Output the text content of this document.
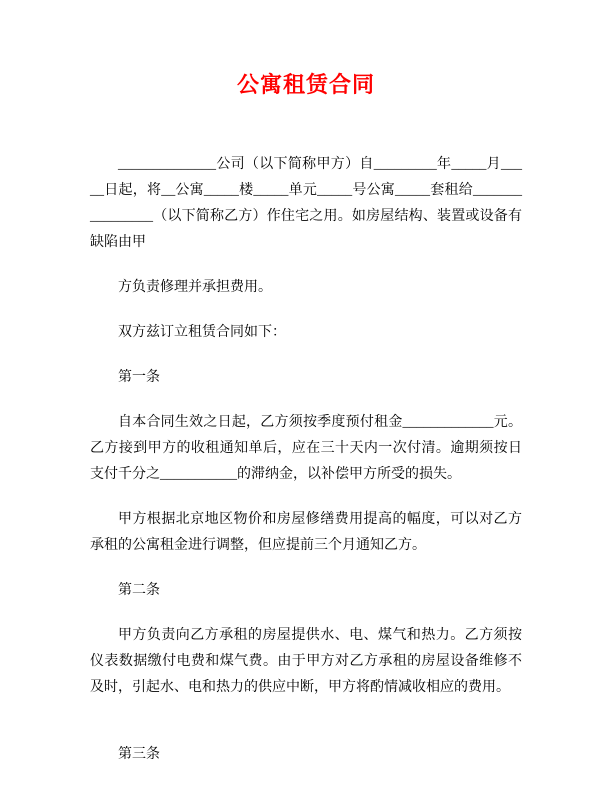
公寓租赁合同

______________公司（以下简称甲方）自_________年_____月_____日起，将__公寓_____楼_____单元_____号公寓_____套租给________________（以下简称乙方）作住宅之用。如房屋结构、装置或设备有缺陷由甲

方负责修理并承担费用。

双方兹订立租赁合同如下：

第一条

自本合同生效之日起，乙方须按季度预付租金_____________元。乙方接到甲方的收租通知单后，应在三十天内一次付清。逾期须按日支付千分之___________的滞纳金，以补偿甲方所受的损失。

甲方根据北京地区物价和房屋修缮费用提高的幅度，可以对乙方承租的公寓租金进行调整，但应提前三个月通知乙方。

第二条

甲方负责向乙方承租的房屋提供水、电、煤气和热力。乙方须按仪表数据缴付电费和煤气费。由于甲方对乙方承租的房屋设备维修不及时，引起水、电和热力的供应中断，甲方将酌情减收相应的费用。

第三条
